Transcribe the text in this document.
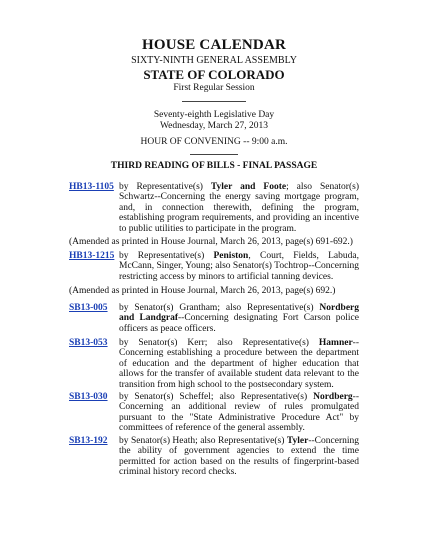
HOUSE CALENDAR
SIXTY-NINTH GENERAL ASSEMBLY
STATE OF COLORADO
First Regular Session
Seventy-eighth Legislative Day
Wednesday, March 27, 2013
HOUR OF CONVENING -- 9:00 a.m.
THIRD READING OF BILLS - FINAL PASSAGE
HB13-1105 by Representative(s) Tyler and Foote; also Senator(s) Schwartz--Concerning the energy saving mortgage program, and, in connection therewith, defining the program, establishing program requirements, and providing an incentive to public utilities to participate in the program.
(Amended as printed in House Journal, March 26, 2013, page(s) 691-692.)
HB13-1215 by Representative(s) Peniston, Court, Fields, Labuda, McCann, Singer, Young; also Senator(s) Tochtrop--Concerning restricting access by minors to artificial tanning devices.
(Amended as printed in House Journal, March 26, 2013, page(s) 692.)
SB13-005	by Senator(s) Grantham; also Representative(s) Nordberg and Landgraf--Concerning designating Fort Carson police officers as peace officers.
SB13-053	by Senator(s) Kerr; also Representative(s) Hamner--Concerning establishing a procedure between the department of education and the department of higher education that allows for the transfer of available student data relevant to the transition from high school to the postsecondary system.
SB13-030	by Senator(s) Scheffel; also Representative(s) Nordberg--Concerning an additional review of rules promulgated pursuant to the "State Administrative Procedure Act" by committees of reference of the general assembly.
SB13-192	by Senator(s) Heath; also Representative(s) Tyler--Concerning the ability of government agencies to extend the time permitted for action based on the results of fingerprint-based criminal history record checks.
